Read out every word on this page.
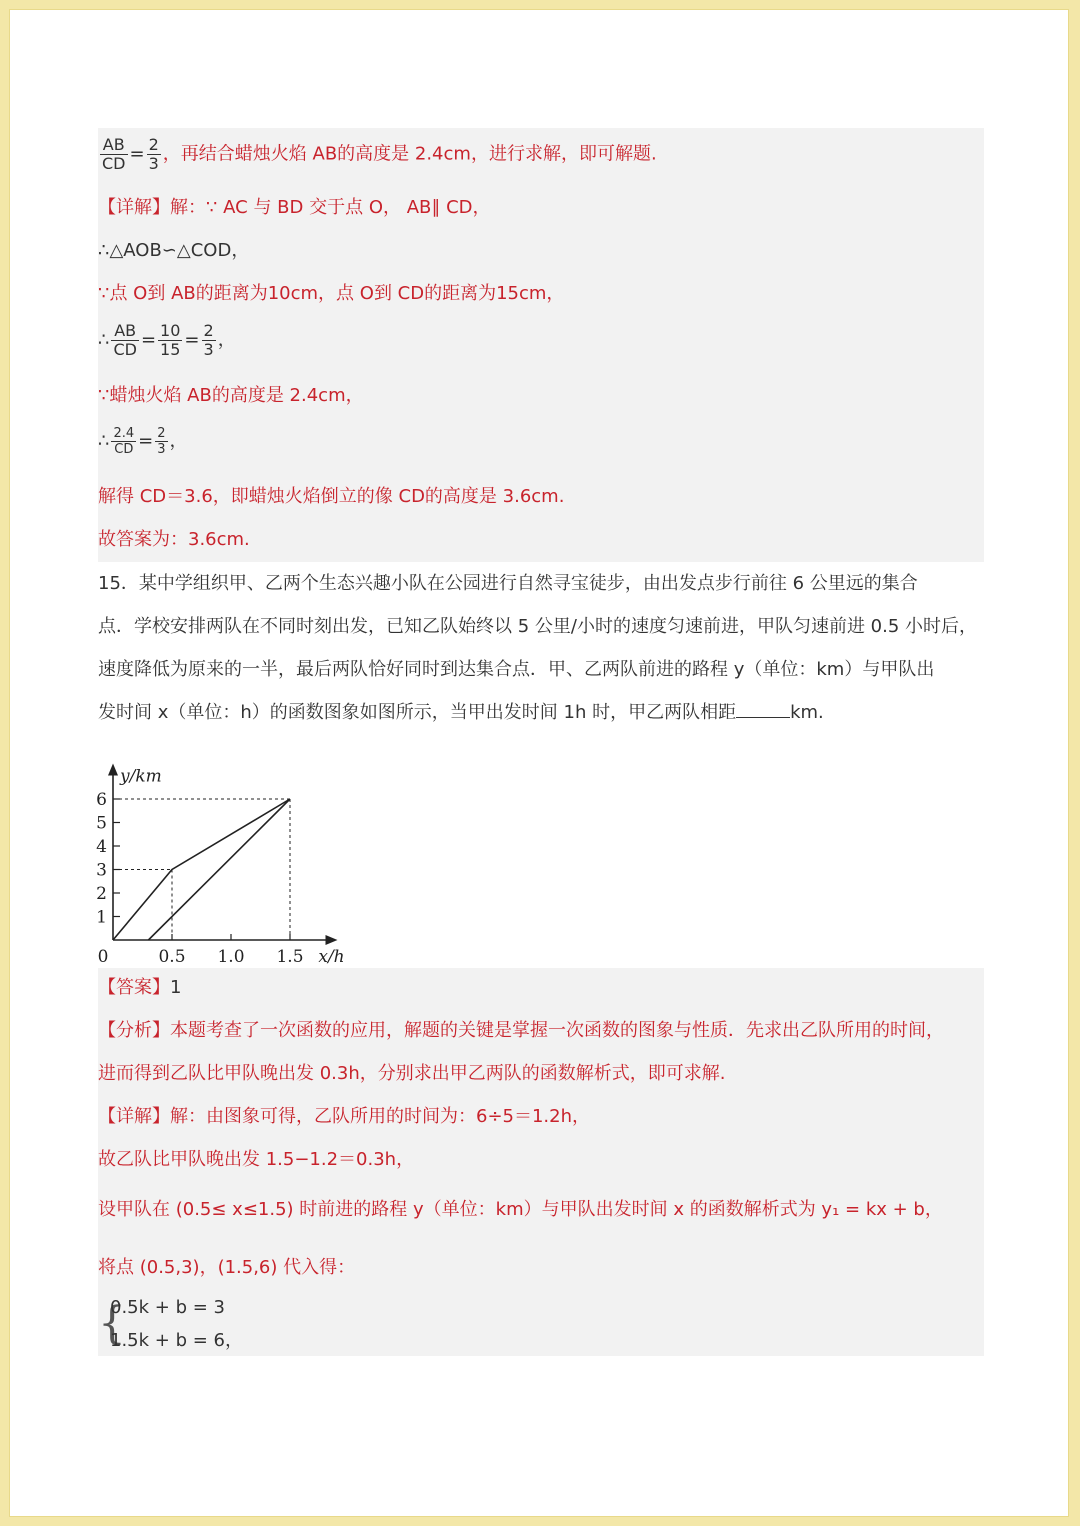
$\frac{AB}{CD} = \frac{2}{3}$ ，再结合蜡烛火焰 AB的高度是 2.4cm，进行求解，即可解题.
【详解】解：∵ AC 与 BD 交于点 O， AB∥ CD，
∴△AOB∽△COD，
∵点 O到 AB的距离为10cm，点 O到 CD的距离为15cm，
∴ $\frac{AB}{CD} = \frac{10}{15} = \frac{2}{3}$ ，
∵蜡烛火焰 AB的高度是 2.4cm，
∴ $\frac{2.4}{CD} = \frac{2}{3}$ ，
解得 CD＝3.6，即蜡烛火焰倒立的像 CD的高度是 3.6cm.
故答案为：3.6cm.
15．某中学组织甲、乙两个生态兴趣小队在公园进行自然寻宝徒步，由出发点步行前往 6 公里远的集合
点．学校安排两队在不同时刻出发，已知乙队始终以 5 公里/小时的速度匀速前进，甲队匀速前进 0.5 小时后，
速度降低为原来的一半，最后两队恰好同时到达集合点．甲、乙两队前进的路程 y（单位：km）与甲队出
发时间 x（单位：h）的函数图象如图所示，当甲出发时间 1h 时，甲乙两队相距	km.
1
2
3
4
5
6
0.5 1.0 1.5
0	x/h
y/km
【答案】1
【分析】本题考查了一次函数的应用，解题的关键是掌握一次函数的图象与性质．先求出乙队所用的时间，
进而得到乙队比甲队晚出发 0.3h，分别求出甲乙两队的函数解析式，即可求解.
【详解】解：由图象可得，乙队所用的时间为：6÷5＝1.2h，
故乙队比甲队晚出发 1.5−1.2＝0.3h，
设甲队在 (0.5≤ x≤1.5) 时前进的路程 y（单位：km）与甲队出发时间 x 的函数解析式为 y₁ = kx + b，
将点 (0.5,3)，(1.5,6) 代入得：
{
0.5k + b = 3
1.5k + b = 6，
